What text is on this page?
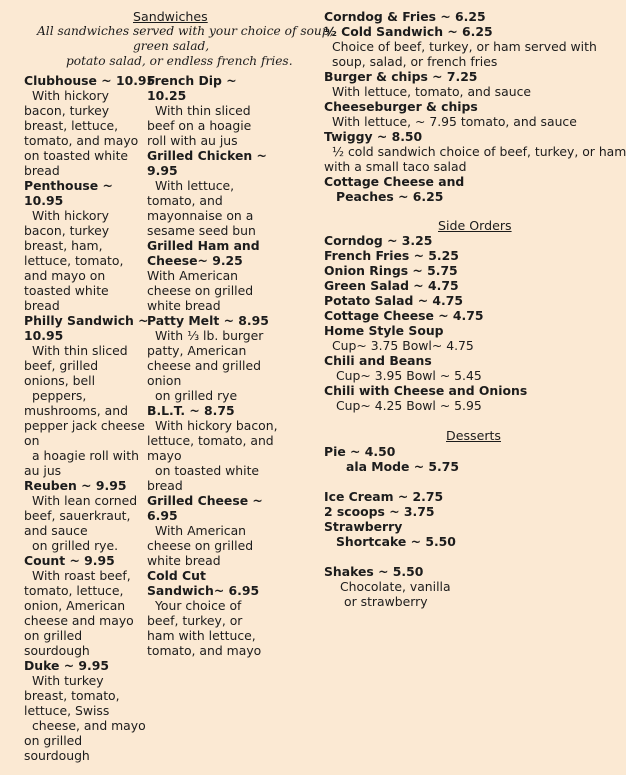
Sandwiches
All sandwiches served with your choice of soup,
green salad,
potato salad, or endless french fries.
Clubhouse ~ 10.95
With hickory
bacon, turkey
breast, lettuce,
tomato, and mayo
on toasted white
bread
Penthouse ~
10.95
With hickory
bacon, turkey
breast, ham,
lettuce, tomato,
and mayo on
toasted white
bread
Philly Sandwich ~
10.95
With thin sliced
beef, grilled
onions, bell
peppers,
mushrooms, and
pepper jack cheese
on
a hoagie roll with
au jus
Reuben ~ 9.95
With lean corned
beef, sauerkraut,
and sauce
on grilled rye.
Count ~ 9.95
With roast beef,
tomato, lettuce,
onion, American
cheese and mayo
on grilled
sourdough
Duke ~ 9.95
With turkey
breast, tomato,
lettuce, Swiss
cheese, and mayo
on grilled
sourdough
French Dip ~
10.25
With thin sliced
beef on a hoagie
roll with au jus
Grilled Chicken ~
9.95
With lettuce,
tomato, and
mayonnaise on a
sesame seed bun
Grilled Ham and
Cheese~ 9.25
With American
cheese on grilled
white bread
Patty Melt ~ 8.95
With ⅓ lb. burger
patty, American
cheese and grilled
onion
on grilled rye
B.L.T. ~ 8.75
With hickory bacon,
lettuce, tomato, and
mayo
on toasted white
bread
Grilled Cheese ~
6.95
With American
cheese on grilled
white bread
Cold Cut
Sandwich~ 6.95
Your choice of
beef, turkey, or
ham with lettuce,
tomato, and mayo
Corndog & Fries ~ 6.25
½ Cold Sandwich ~ 6.25
Choice of beef, turkey, or ham served with
soup, salad, or french fries
Burger & chips ~ 7.25
With lettuce, tomato, and sauce
Cheeseburger & chips
With lettuce, ~ 7.95 tomato, and sauce
Twiggy ~ 8.50
½ cold sandwich choice of beef, turkey, or ham
with a small taco salad
Cottage Cheese and
Peaches ~ 6.25
Side Orders
Corndog ~ 3.25
French Fries ~ 5.25
Onion Rings ~ 5.75
Green Salad ~ 4.75
Potato Salad ~ 4.75
Cottage Cheese ~ 4.75
Home Style Soup
Cup~ 3.75 Bowl~ 4.75
Chili and Beans
Cup~ 3.95 Bowl ~ 5.45
Chili with Cheese and Onions
Cup~ 4.25 Bowl ~ 5.95
Desserts
Pie ~ 4.50
ala Mode ~ 5.75
Ice Cream ~ 2.75
2 scoops ~ 3.75
Strawberry
Shortcake ~ 5.50
Shakes ~ 5.50
Chocolate, vanilla
or strawberry
